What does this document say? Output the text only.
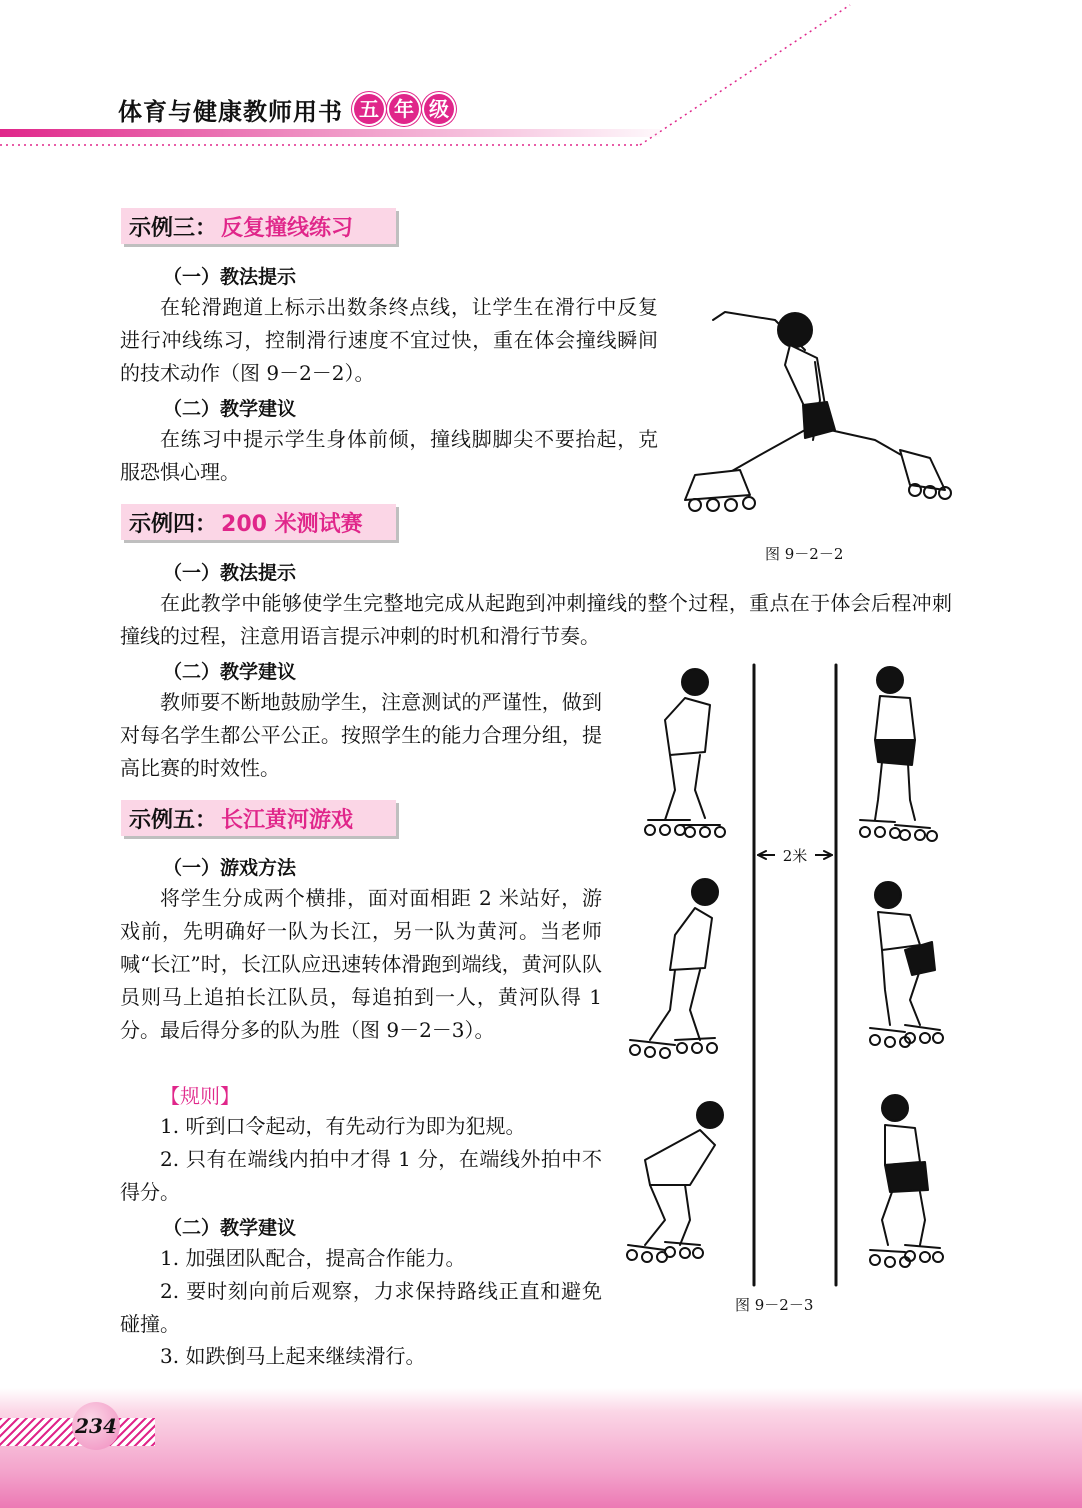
体育与健康教师用书 五 年 级
示例三： 反复撞线练习
（一）教法提示

在轮滑跑道上标示出数条终点线，让学生在滑行中反复进行冲线练习，控制滑行速度不宜过快，重在体会撞线瞬间的技术动作（图 9－2－2）。

（二）教学建议

在练习中提示学生身体前倾，撞线脚脚尖不要抬起，克服恐惧心理。

图 9－2－2
示例四： 200 米测试赛
（一）教法提示

在此教学中能够使学生完整地完成从起跑到冲刺撞线的整个过程，重点在于体会后程冲刺撞线的过程，注意用语言提示冲刺的时机和滑行节奏。

（二）教学建议

教师要不断地鼓励学生，注意测试的严谨性，做到对每名学生都公平公正。按照学生的能力合理分组，提高比赛的时效性。

示例五： 长江黄河游戏
（一）游戏方法

将学生分成两个横排，面对面相距 2 米站好，游戏前，先明确好一队为长江，另一队为黄河。当老师喊“长江”时，长江队应迅速转体滑跑到端线，黄河队队员则马上追拍长江队员，每追拍到一人，黄河队得 1 分。最后得分多的队为胜（图 9－2－3）。

【规则】

1. 听到口令起动，有先动行为即为犯规。

2. 只有在端线内拍中才得 1 分，在端线外拍中不得分。

（二）教学建议

1. 加强团队配合，提高合作能力。

2. 要时刻向前后观察，力求保持路线正直和避免碰撞。

3. 如跌倒马上起来继续滑行。

2米
图 9－2－3
234
